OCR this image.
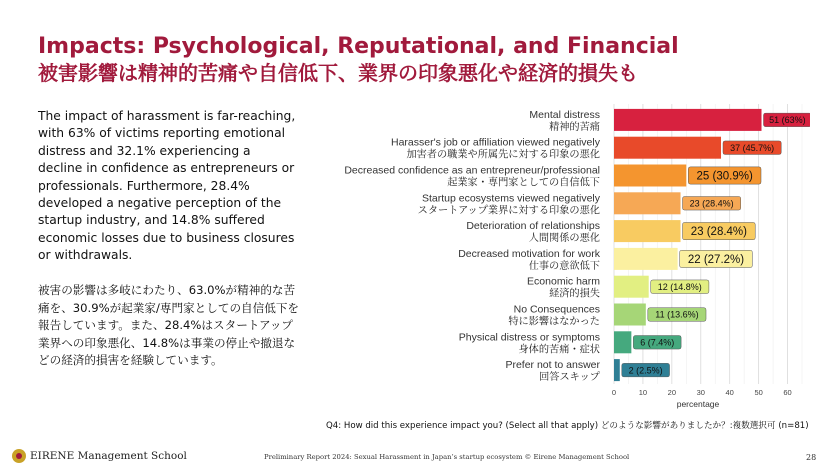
Impacts: Psychological, Reputational, and Financial
被害影響は精神的苦痛や自信低下、業界の印象悪化や経済的損失も
The impact of harassment is far-reaching, with 63% of victims reporting emotional distress and 32.1% experiencing a decline in confidence as entrepreneurs or professionals. Furthermore, 28.4% developed a negative perception of the startup industry, and 14.8% suffered economic losses due to business closures or withdrawals.
被害の影響は多岐にわたり、63.0%が精神的な苦痛を、30.9%が起業家/専門家としての自信低下を報告しています。また、28.4%はスタートアップ業界への印象悪化、14.8%は事業の停止や撤退などの経済的損害を経験しています。
0	10	20	30	40	50	60
Mental distress
精神的苦痛
51 (63%)
Harasser's job or affiliation viewed negatively
加害者の職業や所属先に対する印象の悪化
37 (45.7%)
Decreased confidence as an entrepreneur/professional
起業家・専門家としての自信低下
25 (30.9%)
Startup ecosystems viewed negatively
スタートアップ業界に対する印象の悪化
23 (28.4%)
Deterioration of relationships
人間関係の悪化
23 (28.4%)
Decreased motivation for work
仕事の意欲低下
22 (27.2%)
Economic harm
経済的損失
12 (14.8%)
No Consequences
特に影響はなかった
11 (13.6%)
Physical distress or symptoms
身体的苦痛・症状
6 (7.4%)
Prefer not to answer
回答スキップ
2 (2.5%)
percentage
Q4: How did this experience impact you? (Select all that apply) どのような影響がありましたか？:複数選択可 (n=81)
EIRENE Management School	Preliminary Report 2024: Sexual Harassment in Japan’s startup ecosystem © Eirene Management School	28
